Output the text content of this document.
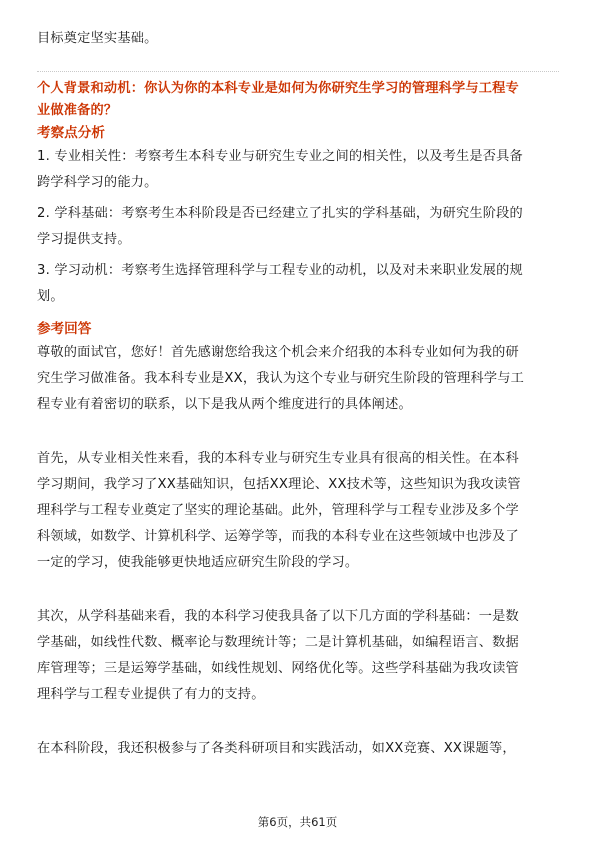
目标奠定坚实基础。
个人背景和动机：你认为你的本科专业是如何为你研究生学习的管理科学与工程专
业做准备的？
考察点分析
1. 专业相关性：考察考生本科专业与研究生专业之间的相关性，以及考生是否具备
跨学科学习的能力。
2. 学科基础：考察考生本科阶段是否已经建立了扎实的学科基础，为研究生阶段的
学习提供支持。
3. 学习动机：考察考生选择管理科学与工程专业的动机，以及对未来职业发展的规
划。
参考回答
尊敬的面试官，您好！首先感谢您给我这个机会来介绍我的本科专业如何为我的研
究生学习做准备。我本科专业是XX，我认为这个专业与研究生阶段的管理科学与工
程专业有着密切的联系，以下是我从两个维度进行的具体阐述。
首先，从专业相关性来看，我的本科专业与研究生专业具有很高的相关性。在本科
学习期间，我学习了XX基础知识，包括XX理论、XX技术等，这些知识为我攻读管
理科学与工程专业奠定了坚实的理论基础。此外，管理科学与工程专业涉及多个学
科领域，如数学、计算机科学、运筹学等，而我的本科专业在这些领域中也涉及了
一定的学习，使我能够更快地适应研究生阶段的学习。
其次，从学科基础来看，我的本科学习使我具备了以下几方面的学科基础：一是数
学基础，如线性代数、概率论与数理统计等；二是计算机基础，如编程语言、数据
库管理等；三是运筹学基础，如线性规划、网络优化等。这些学科基础为我攻读管
理科学与工程专业提供了有力的支持。
在本科阶段，我还积极参与了各类科研项目和实践活动，如XX竞赛、XX课题等，
第6页，共61页
